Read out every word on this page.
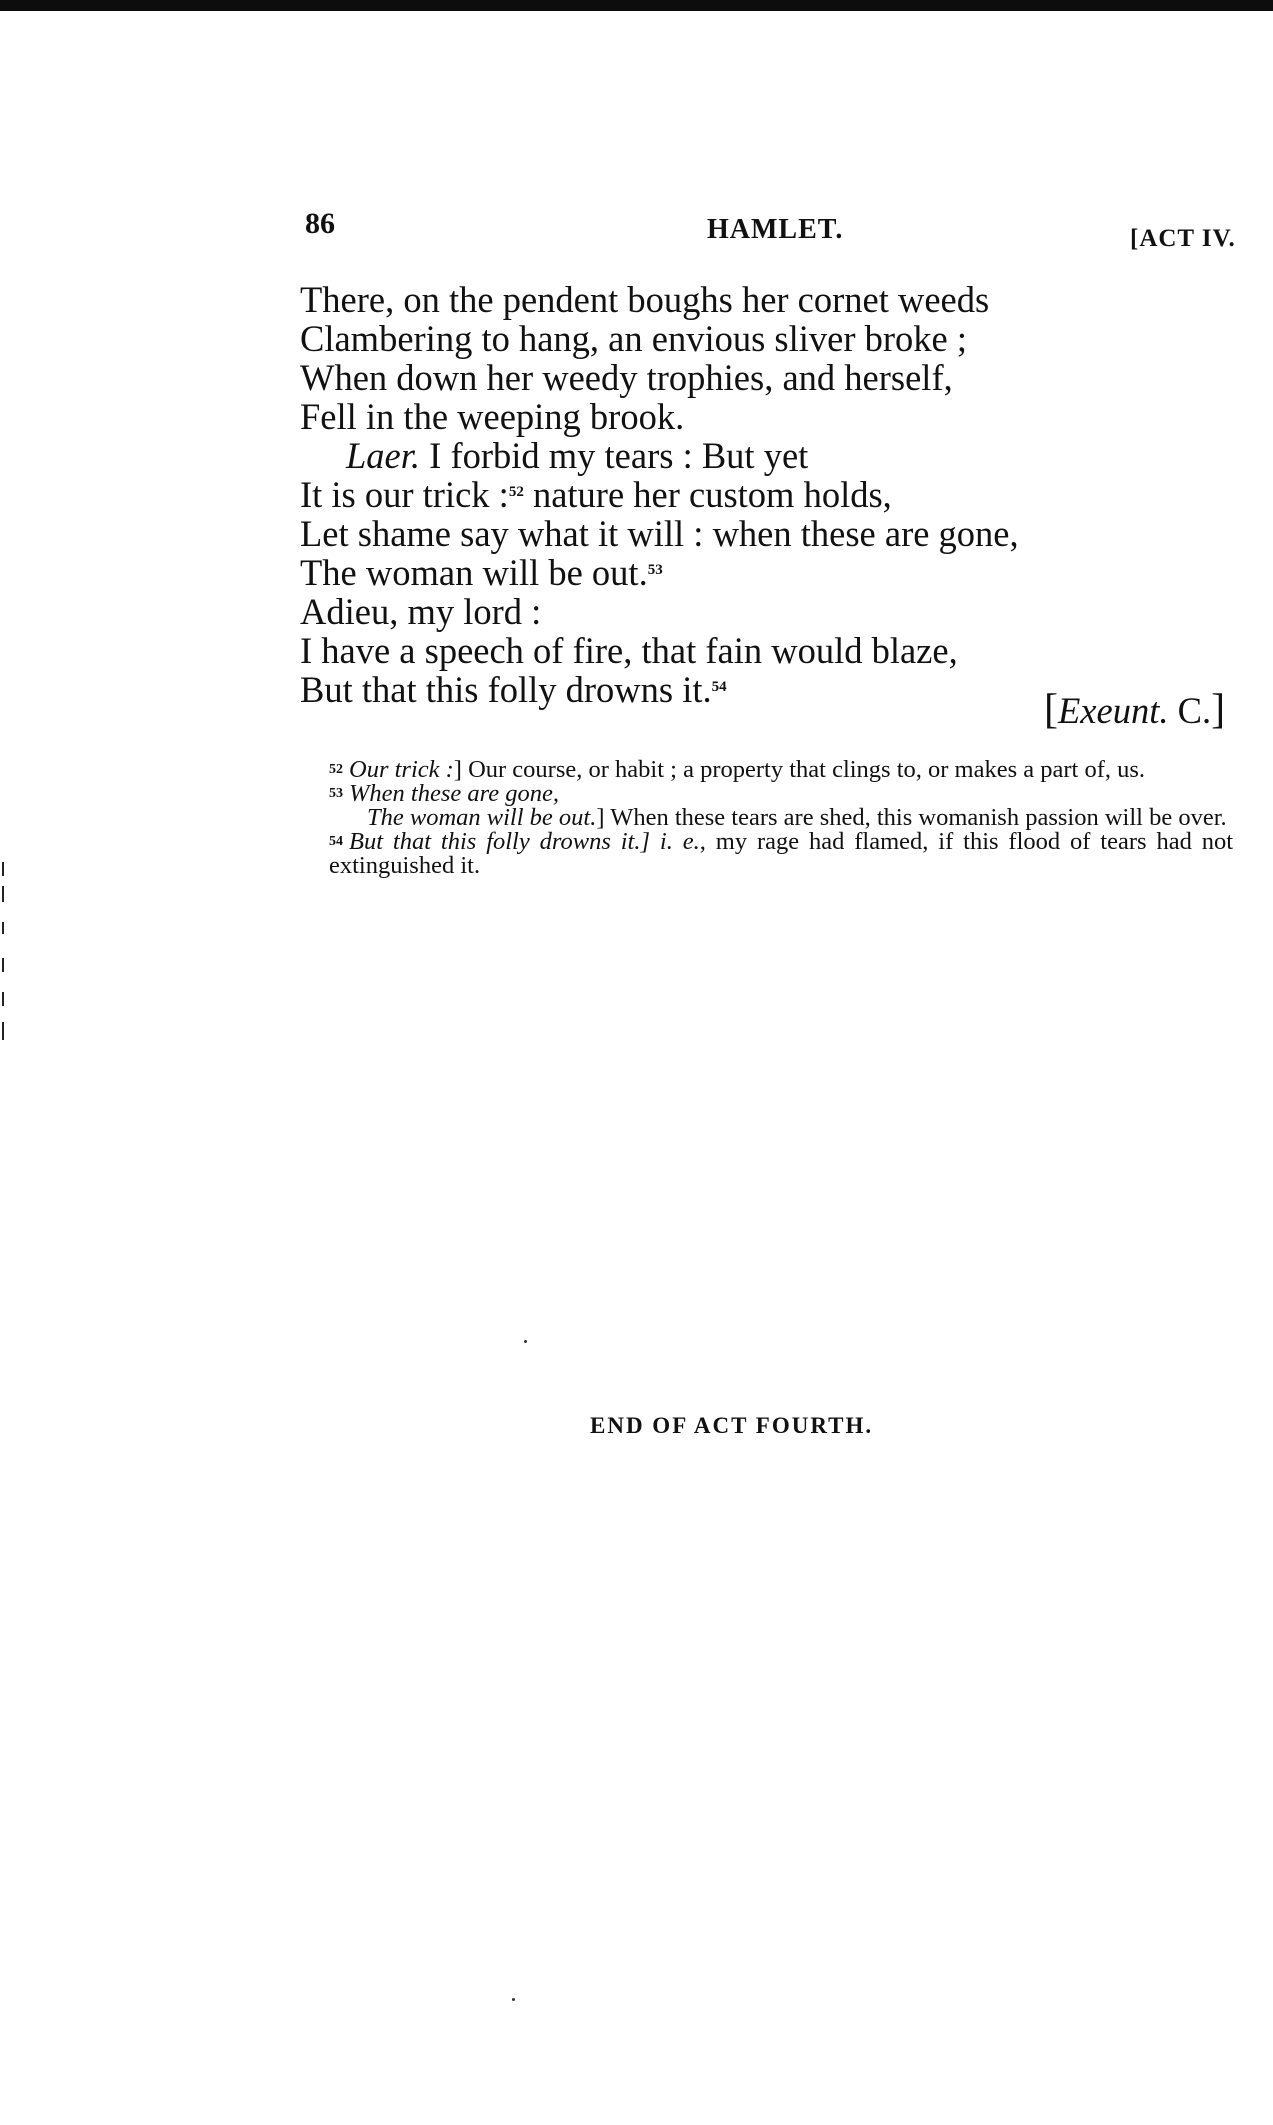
86	HAMLET.	[ACT IV.
There, on the pendent boughs her cornet weeds
Clambering to hang, an envious sliver broke ;
When down her weedy trophies, and herself,
Fell in the weeping brook.
Laer. I forbid my tears : But yet
It is our trick :$^{52}$ nature her custom holds,
Let shame say what it will : when these are gone,
The woman will be out.$^{53}$
Adieu, my lord :
I have a speech of fire, that fain would blaze,
But that this folly drowns it.$^{54}$	[Exeunt. C.]
$^{52}$ Our trick :] Our course, or habit ; a property that clings to, or makes a part of, us.
$^{53}$ When these are gone,
The woman will be out.] When these tears are shed, this womanish passion will be over.
$^{54}$ But that this folly drowns it.] i. e., my rage had flamed, if this flood of tears had not extinguished it.
END OF ACT FOURTH.
